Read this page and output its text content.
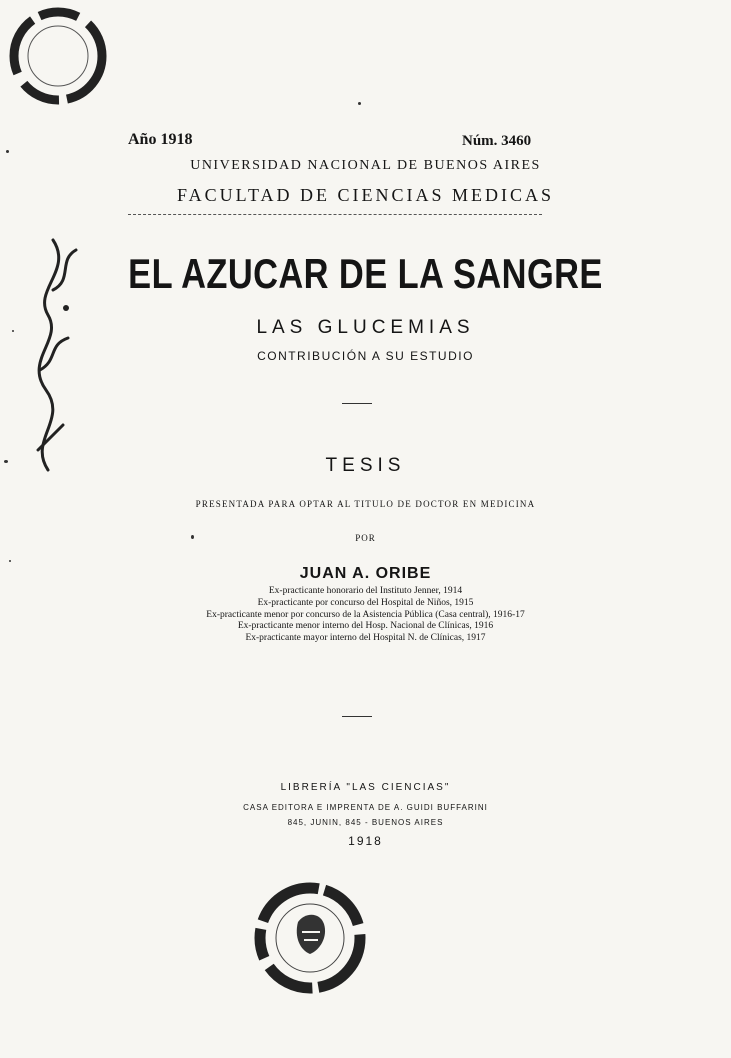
Año 1918	Núm. 3460
UNIVERSIDAD NACIONAL DE BUENOS AIRES
FACULTAD DE CIENCIAS MEDICAS
EL AZUCAR DE LA SANGRE
LAS GLUCEMIAS
CONTRIBUCIÓN A SU ESTUDIO
TESIS
PRESENTADA PARA OPTAR AL TITULO DE DOCTOR EN MEDICINA
POR
JUAN A. ORIBE
Ex-practicante honorario del Instituto Jenner, 1914
Ex-practicante por concurso del Hospital de Niños, 1915
Ex-practicante menor por concurso de la Asistencia Pública (Casa central), 1916-17
Ex-practicante menor interno del Hosp. Nacional de Clínicas, 1916
Ex-practicante mayor interno del Hospital N. de Clínicas, 1917
LIBRERÍA "LAS CIENCIAS"
CASA EDITORA E IMPRENTA DE A. GUIDI BUFFARINI
845, JUNIN, 845 - BUENOS AIRES
1918
